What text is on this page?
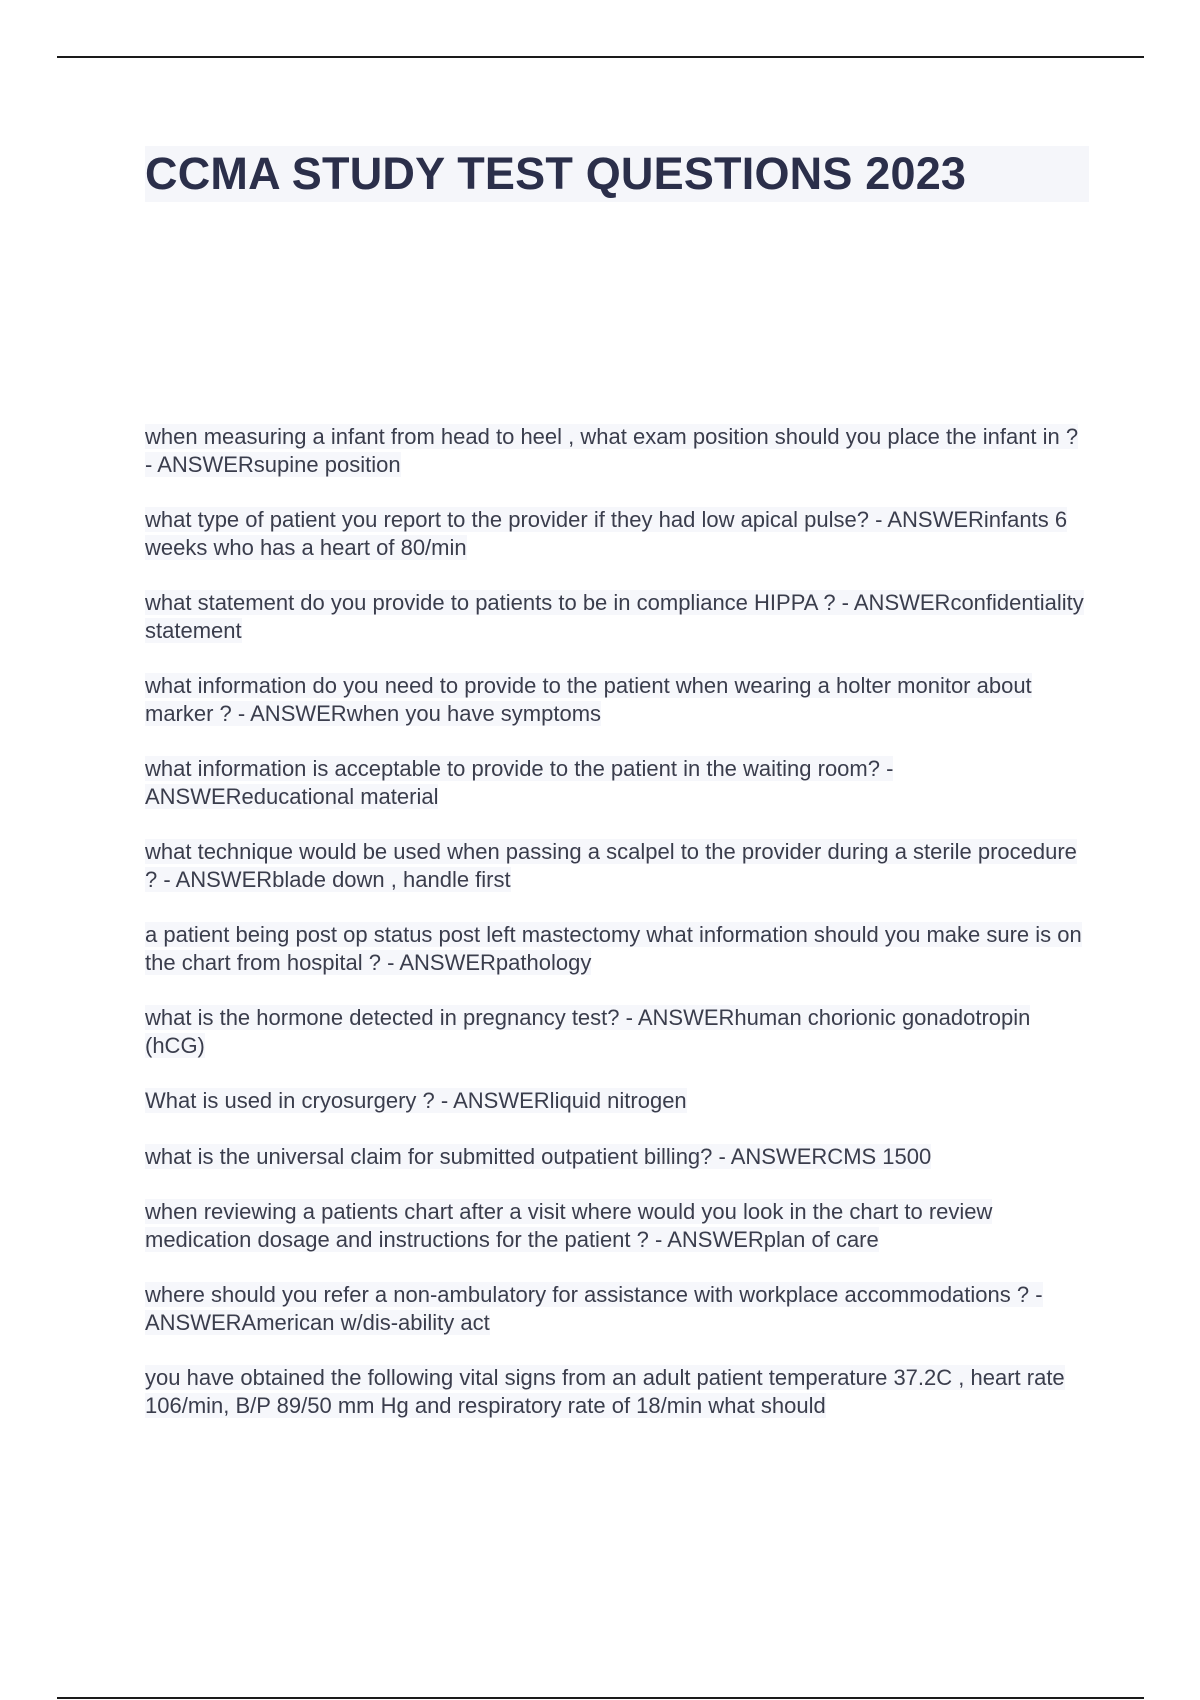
CCMA STUDY TEST QUESTIONS 2023
when measuring a infant from head to heel , what exam position should you place the infant in ? - ANSWERsupine position
what type of patient you report to the provider if they had low apical pulse? - ANSWERinfants 6 weeks who has a heart of 80/min
what statement do you provide to patients to be in compliance HIPPA ? - ANSWERconfidentiality statement
what information do you need to provide to the patient when wearing a holter monitor about marker ? - ANSWERwhen you have symptoms
what information is acceptable to provide to the patient in the waiting room? - ANSWEReducational material
what technique would be used when passing a scalpel to the provider during a sterile procedure ? - ANSWERblade down , handle first
a patient being post op status post left mastectomy what information should you make sure is on the chart from hospital ? - ANSWERpathology
what is the hormone detected in pregnancy test? - ANSWERhuman chorionic gonadotropin (hCG)
What is used in cryosurgery ? - ANSWERliquid nitrogen
what is the universal claim for submitted outpatient billing? - ANSWERCMS 1500
when reviewing a patients chart after a visit where would you look in the chart to review medication dosage and instructions for the patient ? - ANSWERplan of care
where should you refer a non-ambulatory for assistance with workplace accommodations ? - ANSWERAmerican w/dis-ability act
you have obtained the following vital signs from an adult patient temperature 37.2C , heart rate 106/min, B/P 89/50 mm Hg and respiratory rate of 18/min what should
